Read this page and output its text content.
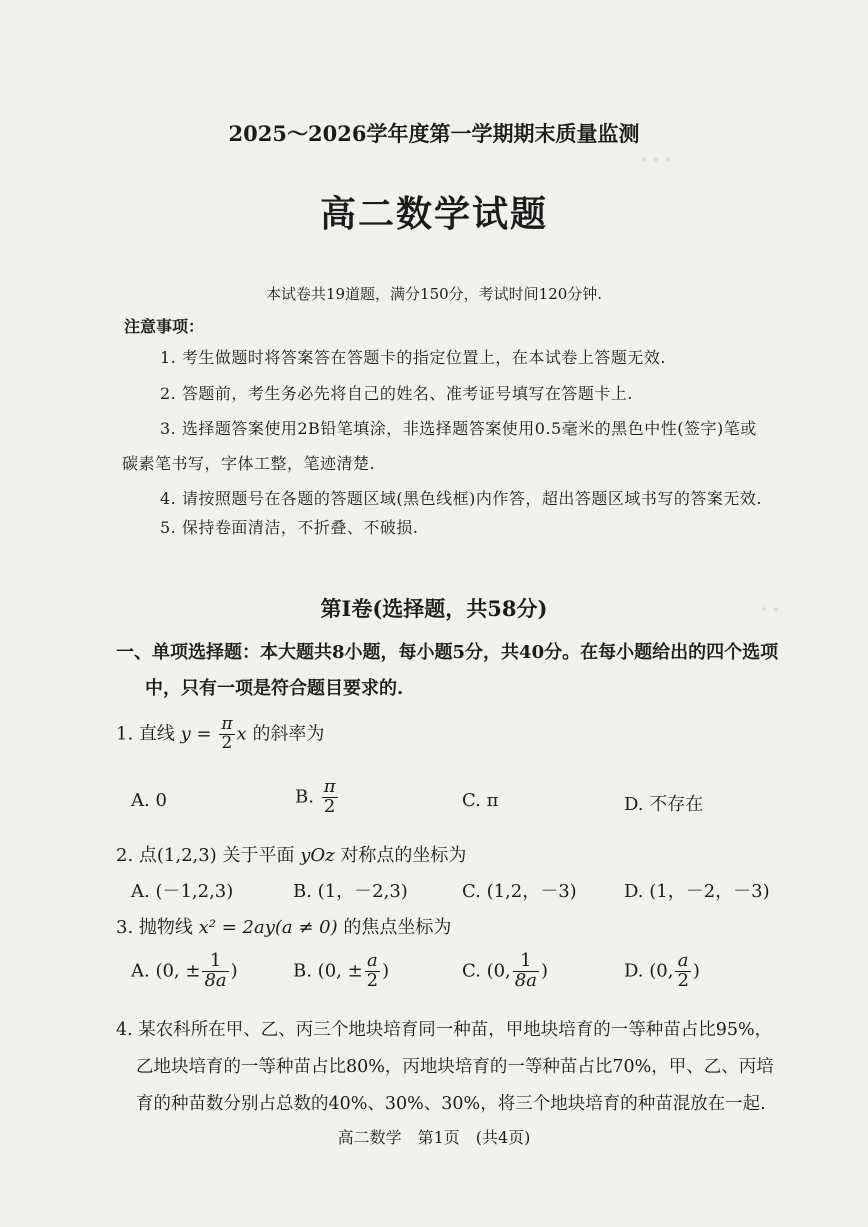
∙ ∙ ∙
∙ ∙
2025～2026学年度第一学期期末质量监测
高二数学试题
本试卷共19道题，满分150分，考试时间120分钟.
注意事项：
1. 考生做题时将答案答在答题卡的指定位置上，在本试卷上答题无效.
2. 答题前，考生务必先将自己的姓名、准考证号填写在答题卡上.
3. 选择题答案使用2B铅笔填涂，非选择题答案使用0.5毫米的黑色中性(签字)笔或
碳素笔书写，字体工整，笔迹清楚.
4. 请按照题号在各题的答题区域(黑色线框)内作答，超出答题区域书写的答案无效.
5. 保持卷面清洁，不折叠、不破损.
第Ⅰ卷(选择题，共58分)
一、单项选择题：本大题共8小题，每小题5分，共40分。在每小题给出的四个选项
中，只有一项是符合题目要求的.
1. 直线 $y = \frac{\pi}{2}$ x 的斜率为
A. 0	B. $\frac{\pi}{2}$	C. π	D. 不存在
2. 点(1,2,3) 关于平面 yOz 对称点的坐标为
A. (－1,2,3)	B. (1，－2,3)	C. (1,2，－3)	D. (1，－2，－3)
3. 抛物线 x² = 2ay(a ≠ 0) 的焦点坐标为
A. (0, ± $\frac{1}{8a}$ )	B. (0, ± $\frac{a}{2}$ )	C. (0, $\frac{1}{8a}$ )	D. (0, $\frac{a}{2}$ )
4. 某农科所在甲、乙、丙三个地块培育同一种苗，甲地块培育的一等种苗占比95%，
乙地块培育的一等种苗占比80%，丙地块培育的一等种苗占比70%，甲、乙、丙培
育的种苗数分别占总数的40%、30%、30%，将三个地块培育的种苗混放在一起.
高二数学　第1页　(共4页)
